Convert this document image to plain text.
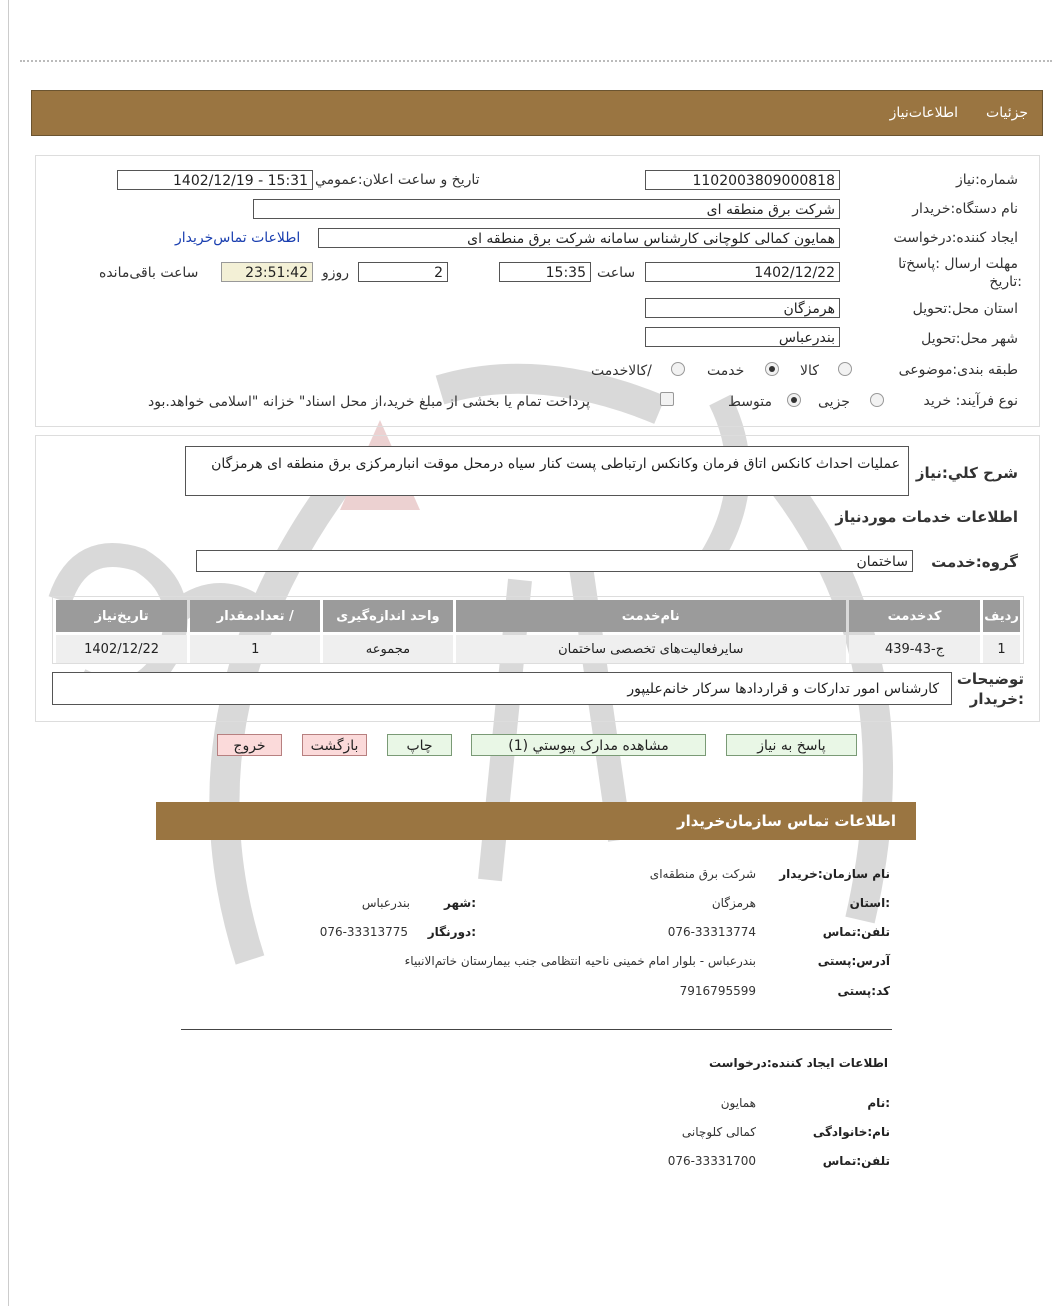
جزئیات
اطلاعات‌نیاز
شماره:نیاز
1102003809000818
تاريخ و ساعت اعلان:عمومي
1402/12/19 - 15:31
نام دستگاه:خریدار
شرکت برق منطقه ای
ایجاد کننده:درخواست
همایون کمالی کلوچانی کارشناس سامانه شرکت برق منطقه ای
اطلاعات تماس‌خریدار
مهلت ارسال :پاسخ‌تا
:تاریخ
1402/12/22
ساعت
15:35
2
روزو
23:51:42
ساعت باقی‌مانده
استان محل:تحویل
هرمزگان
شهر محل:تحویل
بندرعباس
طبقه بندی:موضوعی
کالا
خدمت
/کالاخدمت
نوع فرآیند: خرید
جزیی
متوسط
پرداخت تمام یا بخشی از مبلغ خرید،از محل اسناد" خزانه "اسلامی خواهد.بود
شرح کلي:نیاز
عملیات احداث کانکس اتاق فرمان وکانکس ارتباطی پست کنار سیاه درمحل موقت انبارمرکزی برق منطقه ای هرمزگان
اطلاعات خدمات موردنیاز
گروه:خدمت
ساختمان
ردیف	کدخدمت	نام‌خدمت	واحد اندازه‌گیری	/ تعدادمقدار	تاریخ‌نیاز
1	ج-43-439	سایرفعالیت‌های تخصصی ساختمان	مجموعه	1	1402/12/22
توضیحات
:خریدار
کارشناس امور تدارکات و قراردادها سرکار خانم‌علیپور
پاسخ به نیاز
مشاهده مدارک پیوستي (1)
چاپ
بازگشت
خروج
اطلاعات تماس سازمان‌خریدار
نام سازمان:خریدار
شرکت برق منطقه‌ای
:استان
هرمزگان
:شهر
بندرعباس
تلفن:تماس
076-33313774
:دورنگار
076-33313775
آدرس:پستی
بندرعباس - بلوار امام خمینی ناحیه انتظامی جنب بیمارستان خاتم‌الانبیاء
کد:پستی
7916795599
اطلاعات ایجاد کننده:درخواست
:نام
همایون
نام:خانوادگی
کمالی کلوچانی
تلفن:تماس
076-33331700
